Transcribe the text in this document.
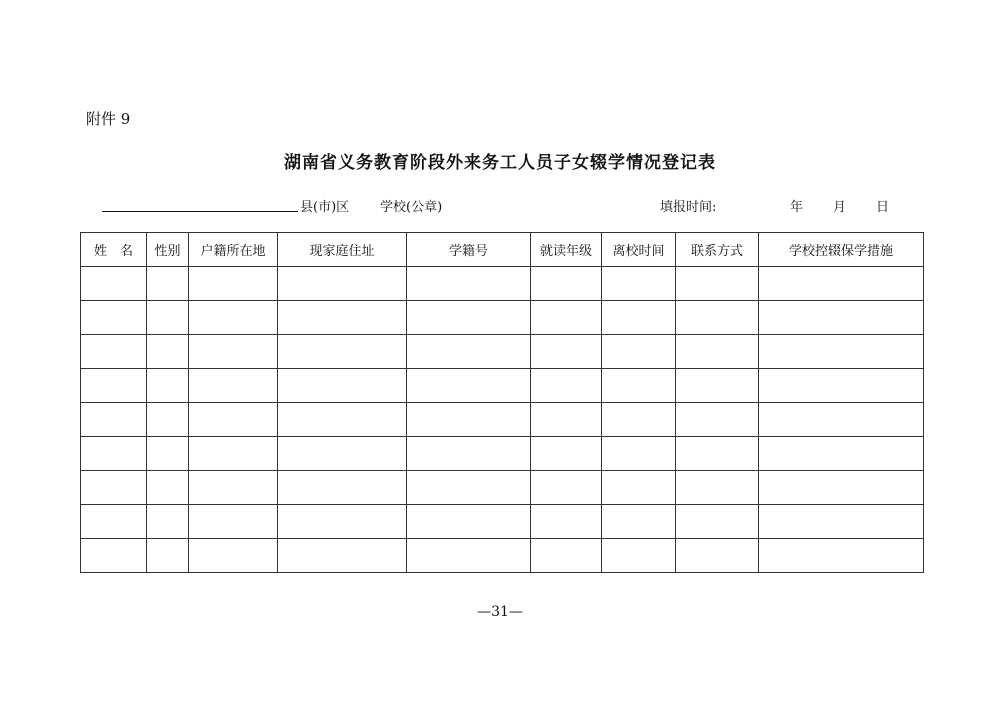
附件 9
湖南省义务教育阶段外来务工人员子女辍学情况登记表
县(市)区 学校(公章)	填报时间:	年 月 日
姓　名	性别	户籍所在地	现家庭住址	学籍号	就读年级	离校时间	联系方式	学校控辍保学措施

—31—
